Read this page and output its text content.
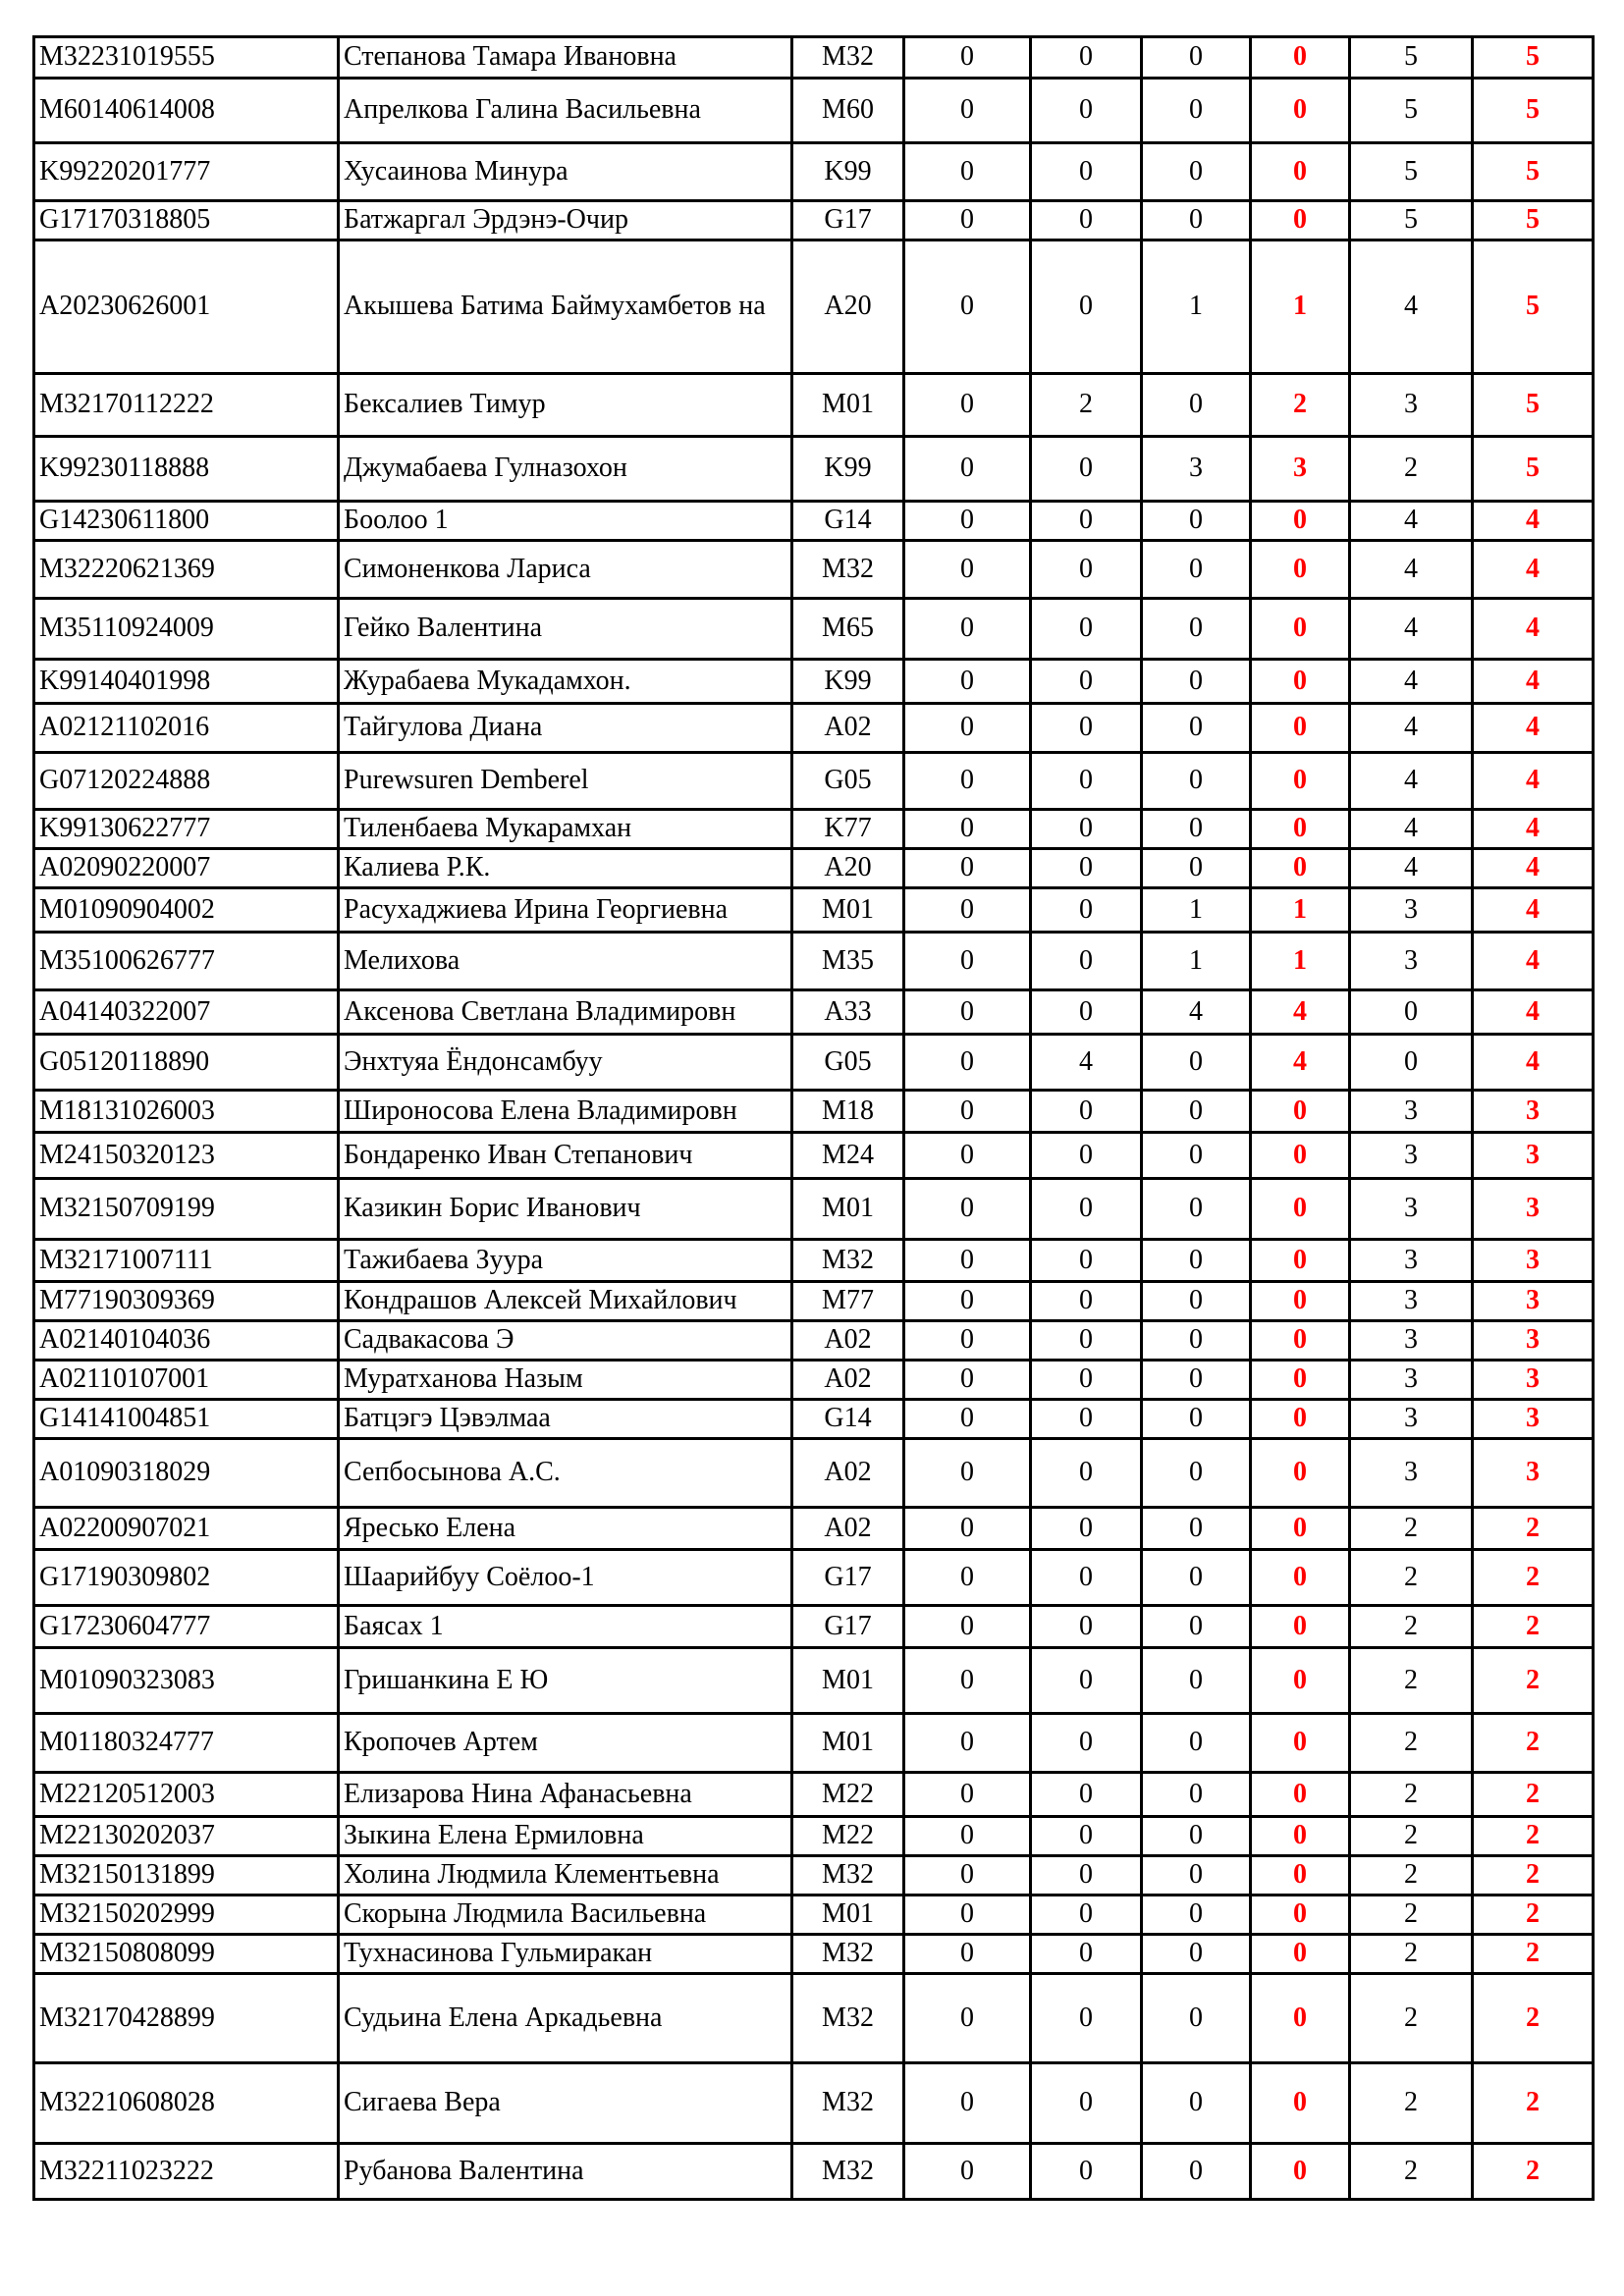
M32231019555	Степанова Тамара Ивановна	M32	0	0	0	0	5	5
M60140614008	Апрелкова Галина Васильевна	M60	0	0	0	0	5	5
K99220201777	Хусаинова Минура	K99	0	0	0	0	5	5
G17170318805	Батжаргал Эрдэнэ-Очир	G17	0	0	0	0	5	5
A20230626001	Акышева Батима Баймухамбетов на	A20	0	0	1	1	4	5
M32170112222	Бексалиев Тимур	M01	0	2	0	2	3	5
K99230118888	Джумабаева Гулназохон	K99	0	0	3	3	2	5
G14230611800	Боолоо 1	G14	0	0	0	0	4	4
M32220621369	Симоненкова Лариса	M32	0	0	0	0	4	4
M35110924009	Гейко Валентина	M65	0	0	0	0	4	4
K99140401998	Журабаева Мукадамхон.	K99	0	0	0	0	4	4
A02121102016	Тайгулова Диана	A02	0	0	0	0	4	4
G07120224888	Purewsuren Demberel	G05	0	0	0	0	4	4
K99130622777	Тиленбаева Мукарамхан	K77	0	0	0	0	4	4
A02090220007	Калиева Р.К.	A20	0	0	0	0	4	4
M01090904002	Расухаджиева Ирина Георгиевна	M01	0	0	1	1	3	4
M35100626777	Мелихова	M35	0	0	1	1	3	4
A04140322007	Аксенова Светлана Владимировн	A33	0	0	4	4	0	4
G05120118890	Энхтуяа Ёндонсамбуу	G05	0	4	0	4	0	4
M18131026003	Широносова Елена Владимировн	M18	0	0	0	0	3	3
M24150320123	Бондаренко Иван Степанович	M24	0	0	0	0	3	3
M32150709199	Казикин Борис Иванович	M01	0	0	0	0	3	3
M32171007111	Тажибаева Зуура	M32	0	0	0	0	3	3
M77190309369	Кондрашов Алексей Михайлович	M77	0	0	0	0	3	3
A02140104036	Садвакасова Э	A02	0	0	0	0	3	3
A02110107001	Муратханова Назым	A02	0	0	0	0	3	3
G14141004851	Батцэгэ Цэвэлмаа	G14	0	0	0	0	3	3
A01090318029	Сепбосынова А.С.	A02	0	0	0	0	3	3
A02200907021	Яресько Елена	A02	0	0	0	0	2	2
G17190309802	Шаарийбуу Соёлоо-1	G17	0	0	0	0	2	2
G17230604777	Баясах 1	G17	0	0	0	0	2	2
M01090323083	Гришанкина Е Ю	M01	0	0	0	0	2	2
M01180324777	Кропочев Артем	M01	0	0	0	0	2	2
M22120512003	Елизарова Нина Афанасьевна	M22	0	0	0	0	2	2
M22130202037	Зыкина Елена Ермиловна	M22	0	0	0	0	2	2
M32150131899	Холина Людмила Клементьевна	M32	0	0	0	0	2	2
M32150202999	Скорына Людмила Васильевна	M01	0	0	0	0	2	2
M32150808099	Тухнасинова Гульмиракан	M32	0	0	0	0	2	2
M32170428899	Судьина Елена Аркадьевна	M32	0	0	0	0	2	2
M32210608028	Сигаева Вера	M32	0	0	0	0	2	2
M32211023222	Рубанова Валентина	M32	0	0	0	0	2	2
